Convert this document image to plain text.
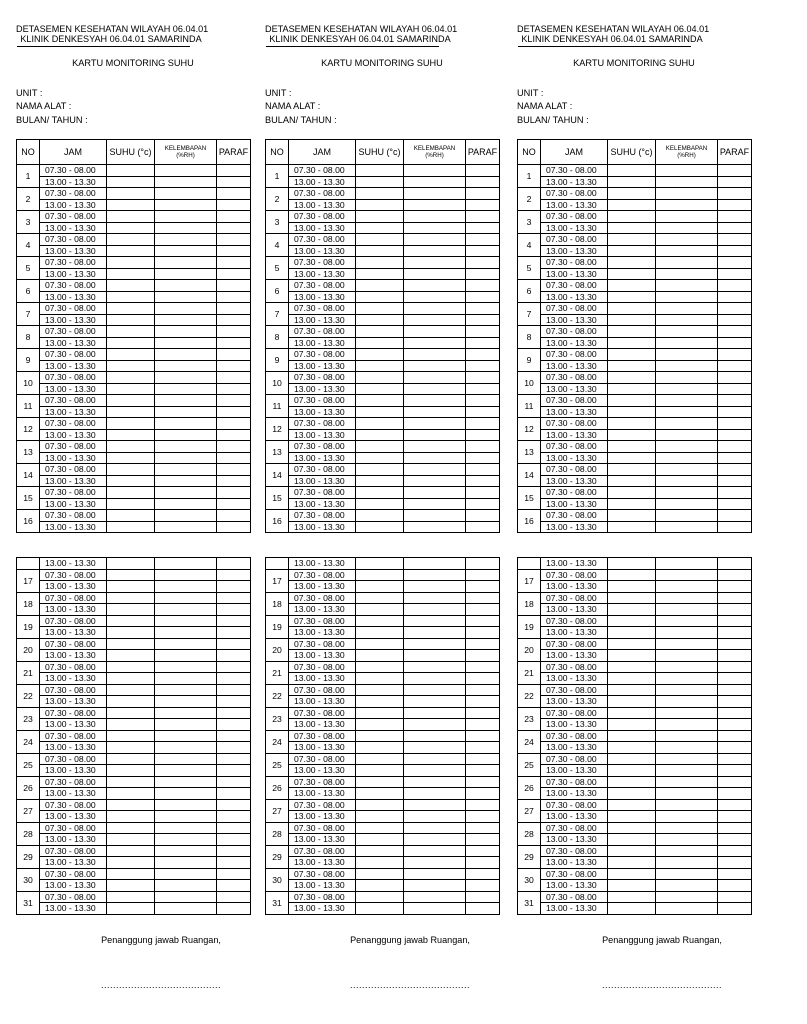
DETASEMEN KESEHATAN WILAYAH 06.04.01
KLINIK DENKESYAH 06.04.01 SAMARINDA
KARTU MONITORING SUHU
UNIT :
NAMA ALAT :
BULAN/ TAHUN :
NO	JAM	SUHU (°c)	KELEMBAPAN (%RH)	PARAF
1	07.30 - 08.00			
	13.00 - 13.30			
2	07.30 - 08.00			
	13.00 - 13.30			
3	07.30 - 08.00			
	13.00 - 13.30			
4	07.30 - 08.00			
	13.00 - 13.30			
5	07.30 - 08.00			
	13.00 - 13.30			
6	07.30 - 08.00			
	13.00 - 13.30			
7	07.30 - 08.00			
	13.00 - 13.30			
8	07.30 - 08.00			
	13.00 - 13.30			
9	07.30 - 08.00			
	13.00 - 13.30			
10	07.30 - 08.00			
	13.00 - 13.30			
11	07.30 - 08.00			
	13.00 - 13.30			
12	07.30 - 08.00			
	13.00 - 13.30			
13	07.30 - 08.00			
	13.00 - 13.30			
14	07.30 - 08.00			
	13.00 - 13.30			
15	07.30 - 08.00			
	13.00 - 13.30			
16	07.30 - 08.00			
	13.00 - 13.30			
	13.00 - 13.30			
17	07.30 - 08.00			
	13.00 - 13.30			
18	07.30 - 08.00			
	13.00 - 13.30			
19	07.30 - 08.00			
	13.00 - 13.30			
20	07.30 - 08.00			
	13.00 - 13.30			
21	07.30 - 08.00			
	13.00 - 13.30			
22	07.30 - 08.00			
	13.00 - 13.30			
23	07.30 - 08.00			
	13.00 - 13.30			
24	07.30 - 08.00			
	13.00 - 13.30			
25	07.30 - 08.00			
	13.00 - 13.30			
26	07.30 - 08.00			
	13.00 - 13.30			
27	07.30 - 08.00			
	13.00 - 13.30			
28	07.30 - 08.00			
	13.00 - 13.30			
29	07.30 - 08.00			
	13.00 - 13.30			
30	07.30 - 08.00			
	13.00 - 13.30			
31	07.30 - 08.00			
	13.00 - 13.30			
Penanggung jawab Ruangan,
........................................
DETASEMEN KESEHATAN WILAYAH 06.04.01
KLINIK DENKESYAH 06.04.01 SAMARINDA
KARTU MONITORING SUHU
UNIT :
NAMA ALAT :
BULAN/ TAHUN :
NO	JAM	SUHU (°c)	KELEMBAPAN (%RH)	PARAF
1	07.30 - 08.00			
	13.00 - 13.30			
2	07.30 - 08.00			
	13.00 - 13.30			
3	07.30 - 08.00			
	13.00 - 13.30			
4	07.30 - 08.00			
	13.00 - 13.30			
5	07.30 - 08.00			
	13.00 - 13.30			
6	07.30 - 08.00			
	13.00 - 13.30			
7	07.30 - 08.00			
	13.00 - 13.30			
8	07.30 - 08.00			
	13.00 - 13.30			
9	07.30 - 08.00			
	13.00 - 13.30			
10	07.30 - 08.00			
	13.00 - 13.30			
11	07.30 - 08.00			
	13.00 - 13.30			
12	07.30 - 08.00			
	13.00 - 13.30			
13	07.30 - 08.00			
	13.00 - 13.30			
14	07.30 - 08.00			
	13.00 - 13.30			
15	07.30 - 08.00			
	13.00 - 13.30			
16	07.30 - 08.00			
	13.00 - 13.30			
	13.00 - 13.30			
17	07.30 - 08.00			
	13.00 - 13.30			
18	07.30 - 08.00			
	13.00 - 13.30			
19	07.30 - 08.00			
	13.00 - 13.30			
20	07.30 - 08.00			
	13.00 - 13.30			
21	07.30 - 08.00			
	13.00 - 13.30			
22	07.30 - 08.00			
	13.00 - 13.30			
23	07.30 - 08.00			
	13.00 - 13.30			
24	07.30 - 08.00			
	13.00 - 13.30			
25	07.30 - 08.00			
	13.00 - 13.30			
26	07.30 - 08.00			
	13.00 - 13.30			
27	07.30 - 08.00			
	13.00 - 13.30			
28	07.30 - 08.00			
	13.00 - 13.30			
29	07.30 - 08.00			
	13.00 - 13.30			
30	07.30 - 08.00			
	13.00 - 13.30			
31	07.30 - 08.00			
	13.00 - 13.30			
Penanggung jawab Ruangan,
........................................
DETASEMEN KESEHATAN WILAYAH 06.04.01
KLINIK DENKESYAH 06.04.01 SAMARINDA
KARTU MONITORING SUHU
UNIT :
NAMA ALAT :
BULAN/ TAHUN :
NO	JAM	SUHU (°c)	KELEMBAPAN (%RH)	PARAF
1	07.30 - 08.00			
	13.00 - 13.30			
2	07.30 - 08.00			
	13.00 - 13.30			
3	07.30 - 08.00			
	13.00 - 13.30			
4	07.30 - 08.00			
	13.00 - 13.30			
5	07.30 - 08.00			
	13.00 - 13.30			
6	07.30 - 08.00			
	13.00 - 13.30			
7	07.30 - 08.00			
	13.00 - 13.30			
8	07.30 - 08.00			
	13.00 - 13.30			
9	07.30 - 08.00			
	13.00 - 13.30			
10	07.30 - 08.00			
	13.00 - 13.30			
11	07.30 - 08.00			
	13.00 - 13.30			
12	07.30 - 08.00			
	13.00 - 13.30			
13	07.30 - 08.00			
	13.00 - 13.30			
14	07.30 - 08.00			
	13.00 - 13.30			
15	07.30 - 08.00			
	13.00 - 13.30			
16	07.30 - 08.00			
	13.00 - 13.30			
	13.00 - 13.30			
17	07.30 - 08.00			
	13.00 - 13.30			
18	07.30 - 08.00			
	13.00 - 13.30			
19	07.30 - 08.00			
	13.00 - 13.30			
20	07.30 - 08.00			
	13.00 - 13.30			
21	07.30 - 08.00			
	13.00 - 13.30			
22	07.30 - 08.00			
	13.00 - 13.30			
23	07.30 - 08.00			
	13.00 - 13.30			
24	07.30 - 08.00			
	13.00 - 13.30			
25	07.30 - 08.00			
	13.00 - 13.30			
26	07.30 - 08.00			
	13.00 - 13.30			
27	07.30 - 08.00			
	13.00 - 13.30			
28	07.30 - 08.00			
	13.00 - 13.30			
29	07.30 - 08.00			
	13.00 - 13.30			
30	07.30 - 08.00			
	13.00 - 13.30			
31	07.30 - 08.00			
	13.00 - 13.30			
Penanggung jawab Ruangan,
........................................
